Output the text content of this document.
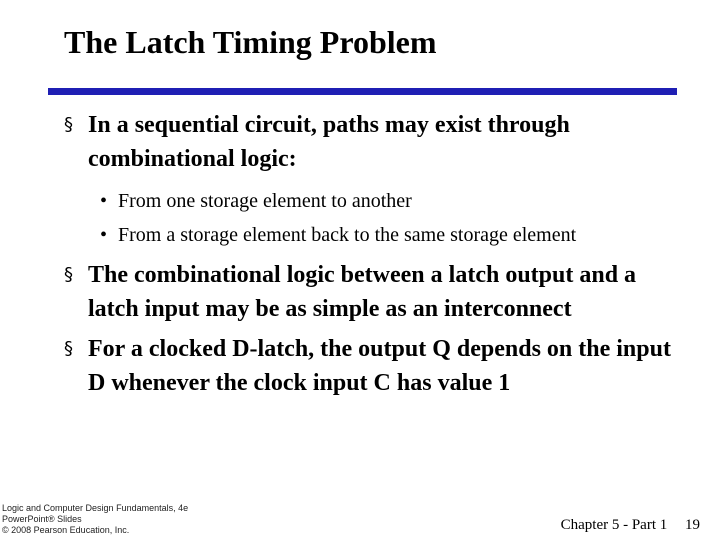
The Latch Timing Problem
§ In a sequential circuit, paths may exist through combinational logic:
• From one storage element to another
• From a storage element back to the same storage element
§ The combinational logic between a latch output and a latch input may be as simple as an interconnect
§ For a clocked D-latch, the output Q depends on the input D whenever the clock input C has value 1
Logic and Computer Design Fundamentals, 4e
PowerPoint® Slides
© 2008 Pearson Education, Inc.	Chapter 5 - Part 1 19
